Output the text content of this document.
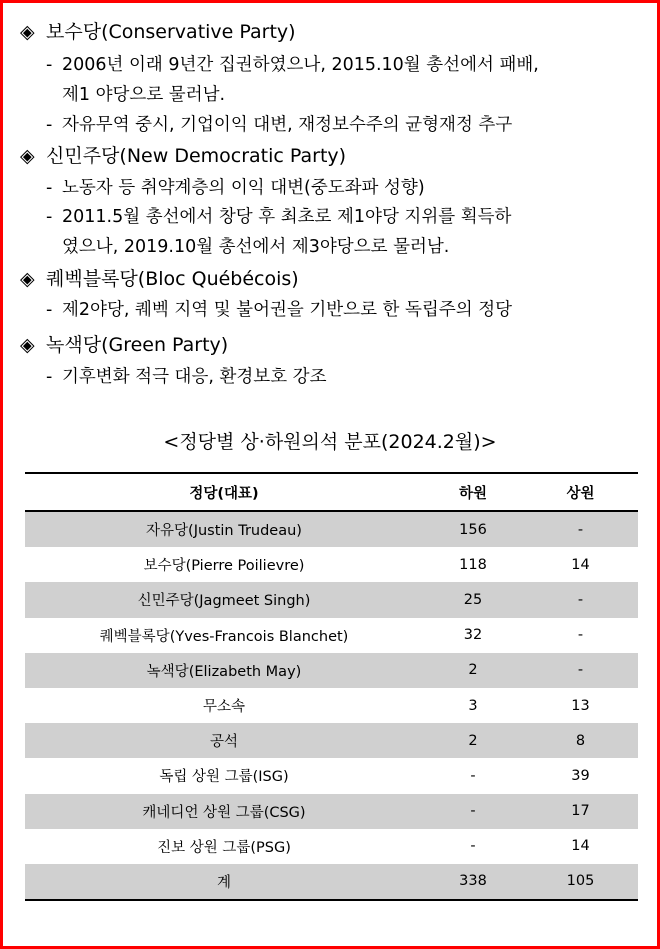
◈ 보수당(Conservative Party)
- 2006년 이래 9년간 집권하였으나, 2015.10월 총선에서 패배,
제1 야당으로 물러남.
- 자유무역 중시, 기업이익 대변, 재정보수주의 균형재정 추구
◈ 신민주당(New Democratic Party)
- 노동자 등 취약계층의 이익 대변(중도좌파 성향)
- 2011.5월 총선에서 창당 후 최초로 제1야당 지위를 획득하
였으나, 2019.10월 총선에서 제3야당으로 물러남.
◈ 퀘벡블록당(Bloc Québécois)
- 제2야당, 퀘벡 지역 및 불어권을 기반으로 한 독립주의 정당
◈ 녹색당(Green Party)
- 기후변화 적극 대응, 환경보호 강조
<정당별 상·하원의석 분포(2024.2월)>
정당(대표)	하원	상원
자유당(Justin Trudeau)	156	-
보수당(Pierre Poilievre)	118	14
신민주당(Jagmeet Singh)	25	-
퀘벡블록당(Yves-Francois Blanchet)	32	-
녹색당(Elizabeth May)	2	-
무소속	3	13
공석	2	8
독립 상원 그룹(ISG)	-	39
캐네디언 상원 그룹(CSG)	-	17
진보 상원 그룹(PSG)	-	14
계	338	105
